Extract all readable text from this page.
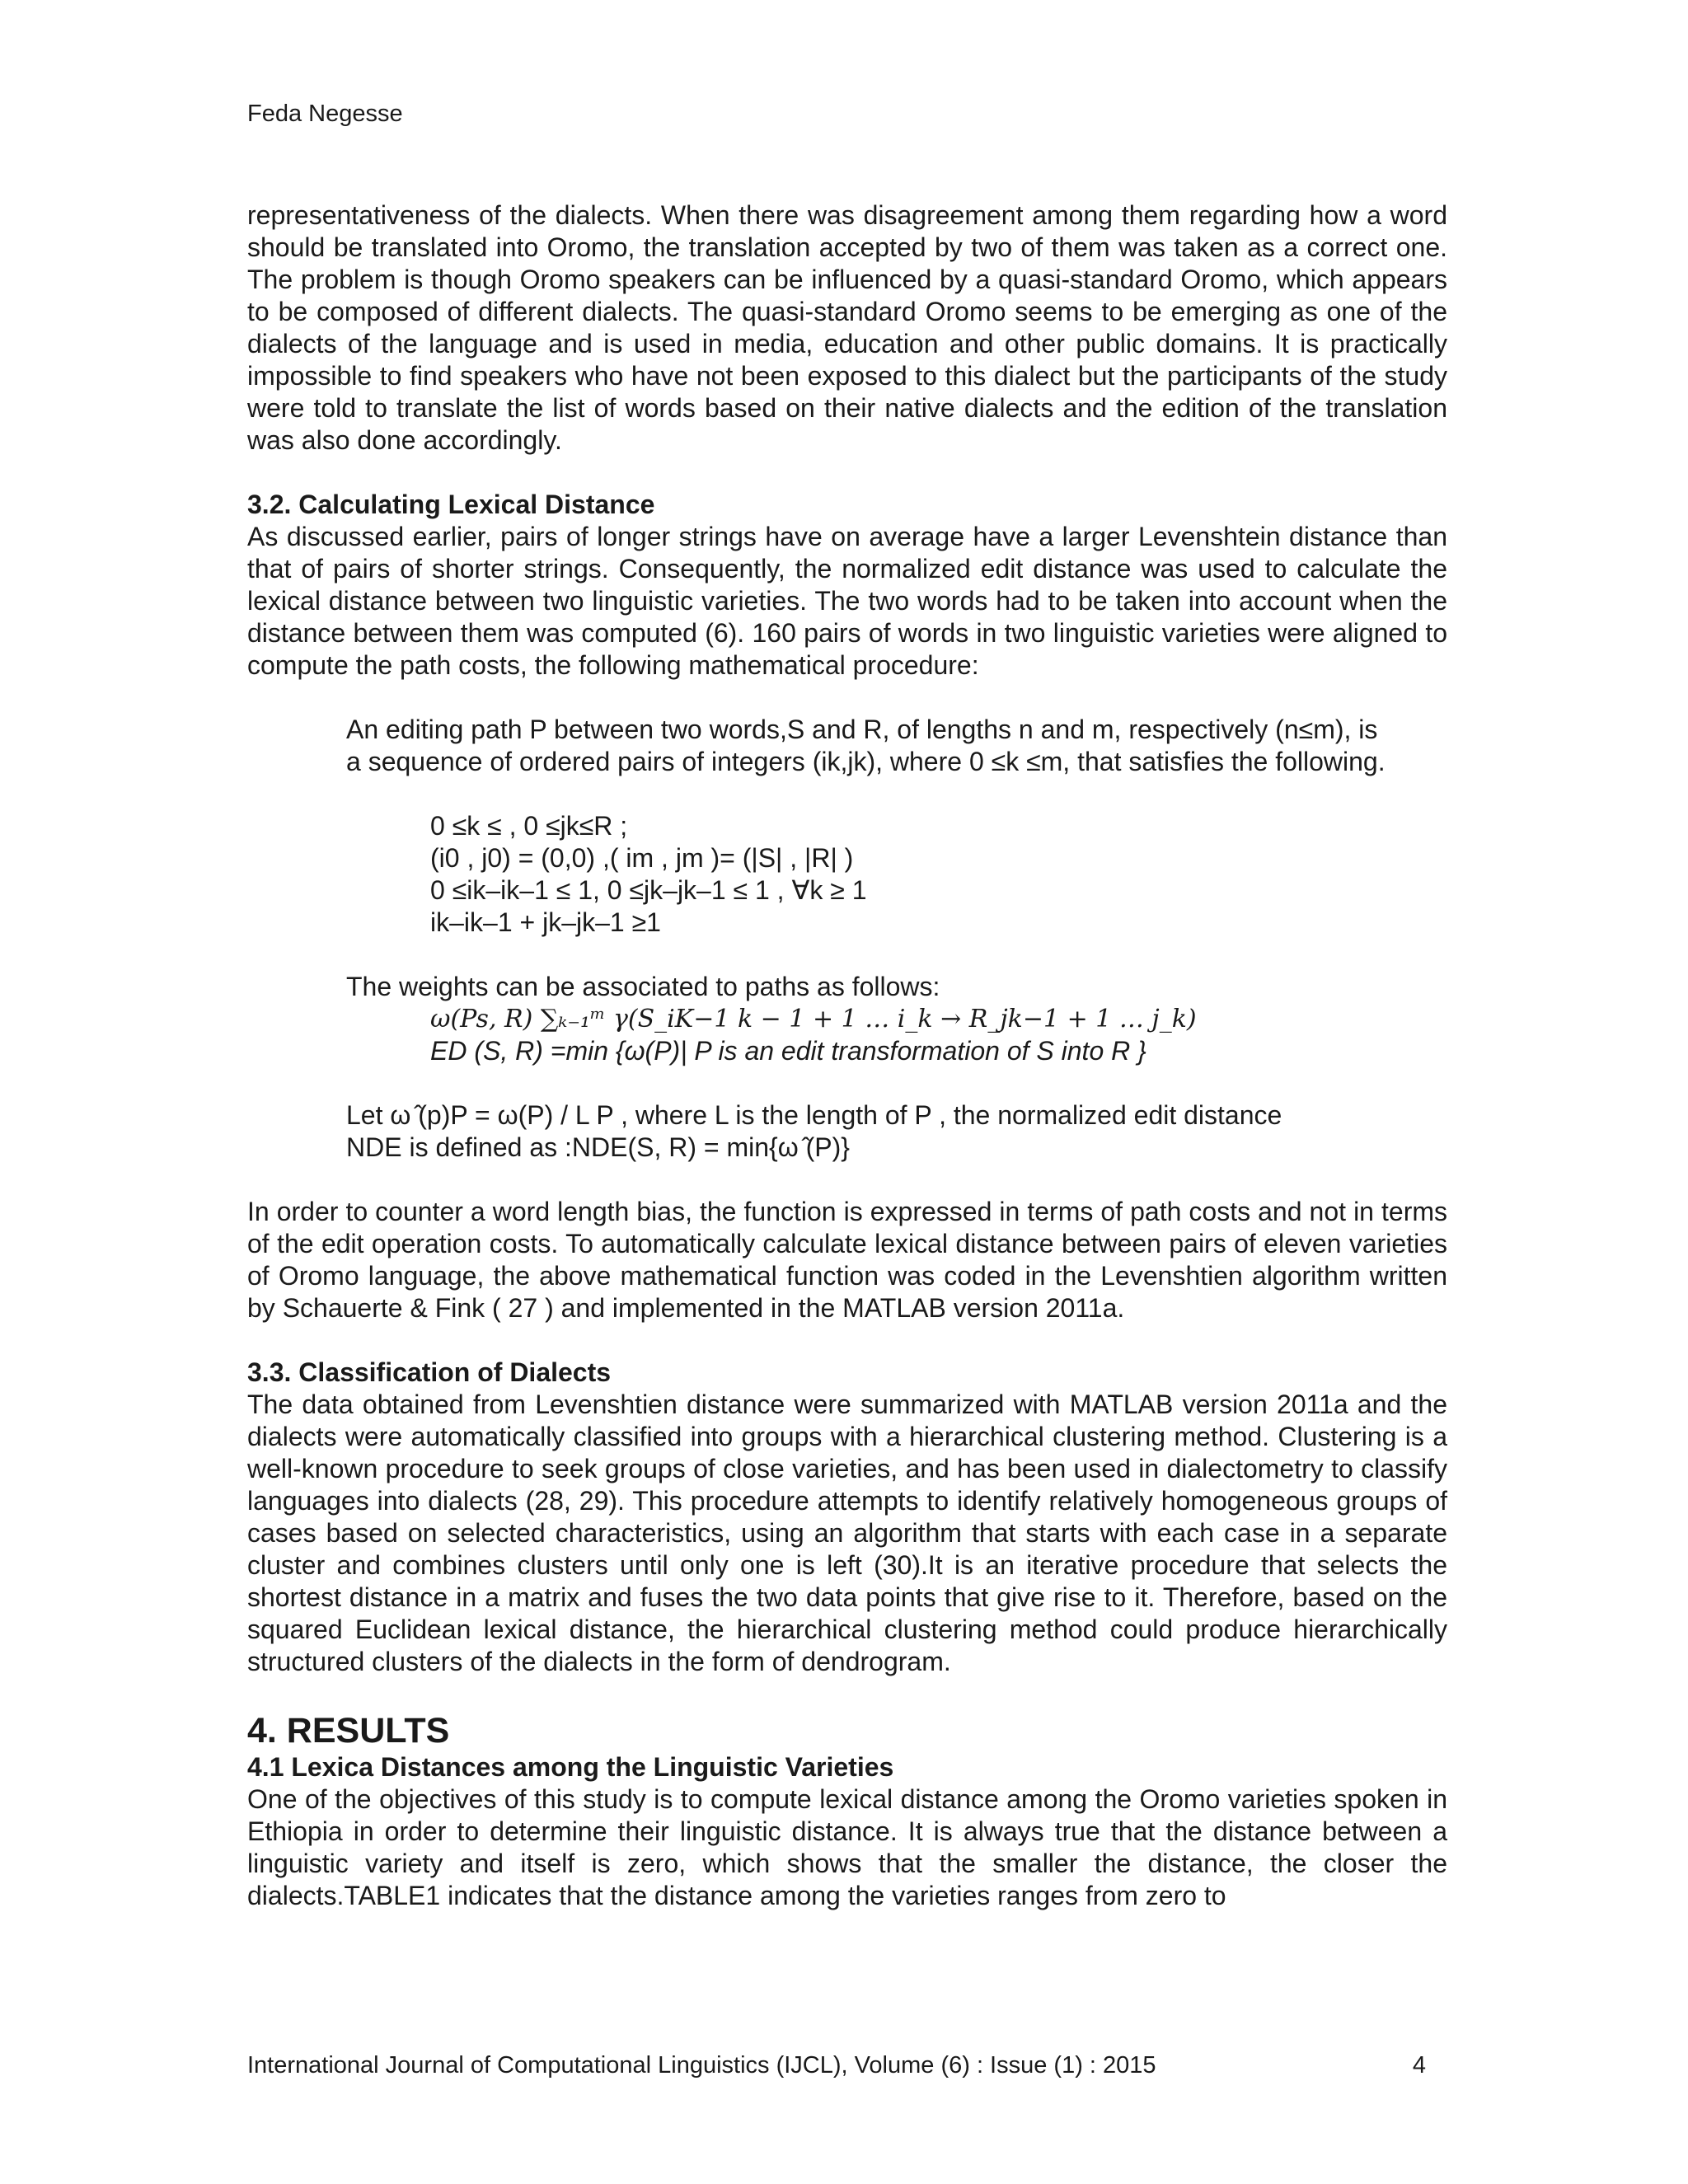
Feda Negesse

representativeness of the dialects. When there was disagreement among them regarding how a word should be translated into Oromo, the translation accepted by two of them was taken as a correct one. The problem is though Oromo speakers can be influenced by a quasi-standard Oromo, which appears to be composed of different dialects. The quasi-standard Oromo seems to be emerging as one of the dialects of the language and is used in media, education and other public domains. It is practically impossible to find speakers who have not been exposed to this dialect but the participants of the study were told to translate the list of words based on their native dialects and the edition of the translation was also done accordingly.

3.2. Calculating Lexical Distance

As discussed earlier, pairs of longer strings have on average have a larger Levenshtein distance than that of pairs of shorter strings. Consequently, the normalized edit distance was used to calculate the lexical distance between two linguistic varieties. The two words had to be taken into account when the distance between them was computed (6). 160 pairs of words in two linguistic varieties were aligned to compute the path costs, the following mathematical procedure:

An editing path P between two words,S and R, of lengths n and m, respectively (n≤m), is
a sequence of ordered pairs of integers (ik,jk), where 0 ≤k ≤m, that satisfies the following.
0 ≤k ≤ , 0 ≤jk≤R ;
(i0 , j0) = (0,0) ,( im , jm )= (|S| , |R| )
0 ≤ik–ik–1 ≤ 1, 0 ≤jk–jk–1 ≤ 1 , ∀k ≥ 1
ik–ik–1 + jk–jk–1 ≥1
The weights can be associated to paths as follows:
ω(Ps, R) ∑ₖ₋₁ᵐ γ(S_iK−1 k − 1 + 1 … i_k → R_jk−1 + 1 … j_k)
ED (S, R) =min {ω(P)| P is an edit transformation of S into R }
Let ω ̂(p)P = ω(P) / L P , where L is the length of P , the normalized edit distance
NDE is defined as :NDE(S, R) = min{ω ̂(P)}

In order to counter a word length bias, the function is expressed in terms of path costs and not in terms of the edit operation costs. To automatically calculate lexical distance between pairs of eleven varieties of Oromo language, the above mathematical function was coded in the Levenshtien algorithm written by Schauerte & Fink ( 27 ) and implemented in the MATLAB version 2011a.

3.3. Classification of Dialects

The data obtained from Levenshtien distance were summarized with MATLAB version 2011a and the dialects were automatically classified into groups with a hierarchical clustering method. Clustering is a well-known procedure to seek groups of close varieties, and has been used in dialectometry to classify languages into dialects (28, 29). This procedure attempts to identify relatively homogeneous groups of cases based on selected characteristics, using an algorithm that starts with each case in a separate cluster and combines clusters until only one is left (30).It is an iterative procedure that selects the shortest distance in a matrix and fuses the two data points that give rise to it. Therefore, based on the squared Euclidean lexical distance, the hierarchical clustering method could produce hierarchically structured clusters of the dialects in the form of dendrogram.

4. RESULTS
4.1 Lexica Distances among the Linguistic Varieties

One of the objectives of this study is to compute lexical distance among the Oromo varieties spoken in Ethiopia in order to determine their linguistic distance. It is always true that the distance between a linguistic variety and itself is zero, which shows that the smaller the distance, the closer the dialects.TABLE1 indicates that the distance among the varieties ranges from zero to

International Journal of Computational Linguistics (IJCL), Volume (6) : Issue (1) : 2015	4
